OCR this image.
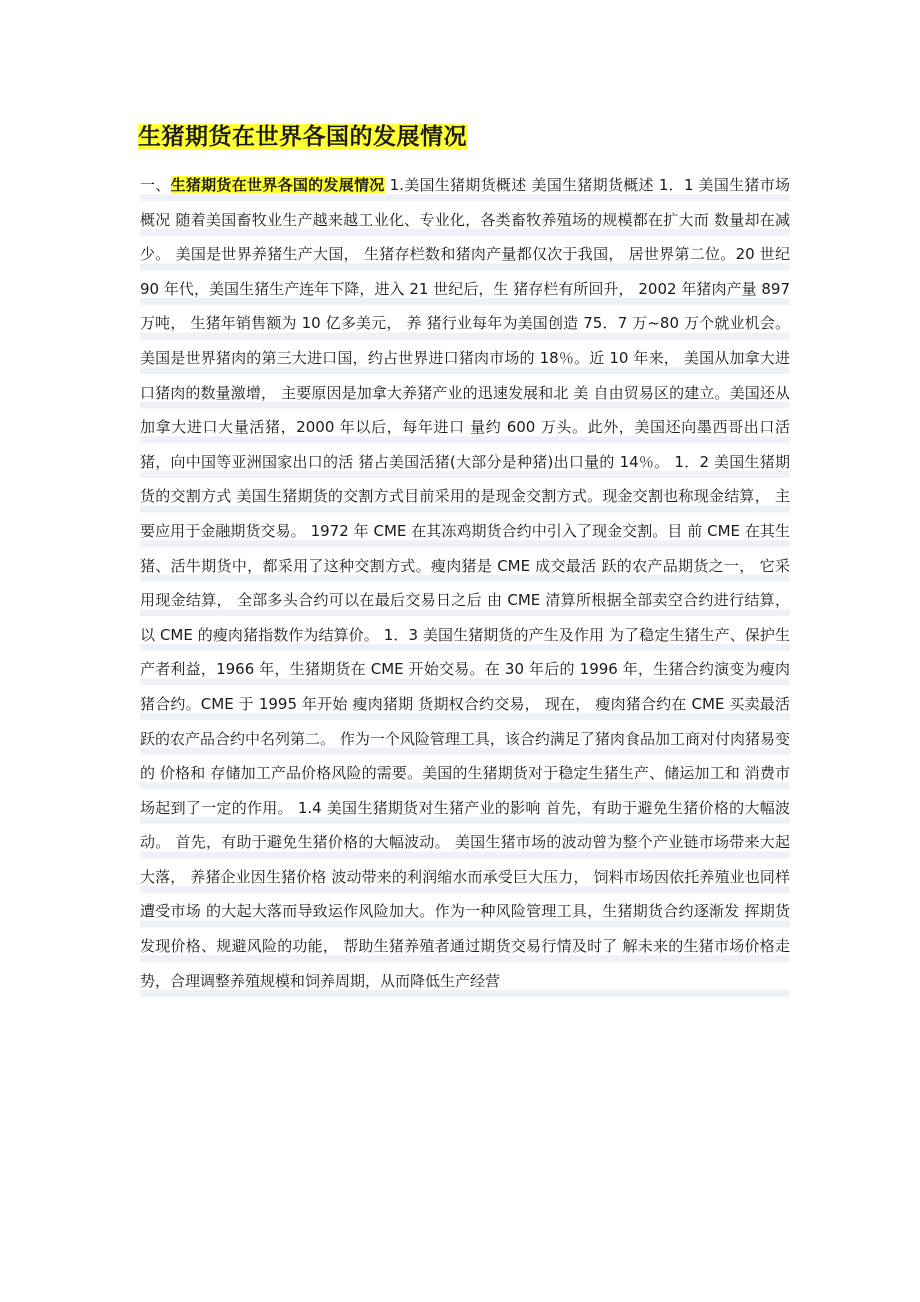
生猪期货在世界各国的发展情况

一、生猪期货在世界各国的发展情况 1.美国生猪期货概述 美国生猪期货概述 1．1 美国生猪市场概况 随着美国畜牧业生产越来越工业化、专业化，各类畜牧养殖场的规模都在扩大而 数量却在减少。 美国是世界养猪生产大国， 生猪存栏数和猪肉产量都仅次于我国， 居世界第二位。20 世纪 90 年代，美国生猪生产连年下降，进入 21 世纪后，生 猪存栏有所回升， 2002 年猪肉产量 897 万吨， 生猪年销售额为 10 亿多美元， 养 猪行业每年为美国创造 75．7 万~80 万个就业机会。 美国是世界猪肉的第三大进口国，约占世界进口猪肉市场的 18％。近 10 年来， 美国从加拿大进口猪肉的数量激增， 主要原因是加拿大养猪产业的迅速发展和北 美 自由贸易区的建立。美国还从加拿大进口大量活猪，2000 年以后，每年进口 量约 600 万头。此外，美国还向墨西哥出口活猪，向中国等亚洲国家出口的活 猪占美国活猪(大部分是种猪)出口量的 14％。 1．2 美国生猪期货的交割方式 美国生猪期货的交割方式目前采用的是现金交割方式。现金交割也称现金结算， 主要应用于金融期货交易。 1972 年 CME 在其冻鸡期货合约中引入了现金交割。目 前 CME 在其生猪、活牛期货中，都采用了这种交割方式。瘦肉猪是 CME 成交最活 跃的农产品期货之一， 它采用现金结算， 全部多头合约可以在最后交易日之后 由 CME 清算所根据全部卖空合约进行结算，以 CME 的瘦肉猪指数作为结算价。 1．3 美国生猪期货的产生及作用 为了稳定生猪生产、保护生产者利益，1966 年，生猪期货在 CME 开始交易。在 30 年后的 1996 年，生猪合约演变为瘦肉猪合约。CME 于 1995 年开始 瘦肉猪期 货期权合约交易， 现在， 瘦肉猪合约在 CME 买卖最活跃的农产品合约中名列第二。 作为一个风险管理工具，该合约满足了猪肉食品加工商对付肉猪易变的 价格和 存储加工产品价格风险的需要。美国的生猪期货对于稳定生猪生产、储运加工和 消费市场起到了一定的作用。 1.4 美国生猪期货对生猪产业的影响 首先，有助于避免生猪价格的大幅波动。 首先，有助于避免生猪价格的大幅波动。 美国生猪市场的波动曾为整个产业链市场带来大起大落， 养猪企业因生猪价格 波动带来的利润缩水而承受巨大压力， 饲料市场因依托养殖业也同样遭受市场 的大起大落而导致运作风险加大。作为一种风险管理工具，生猪期货合约逐渐发 挥期货发现价格、规避风险的功能， 帮助生猪养殖者通过期货交易行情及时了 解未来的生猪市场价格走势，合理调整养殖规模和饲养周期，从而降低生产经营
